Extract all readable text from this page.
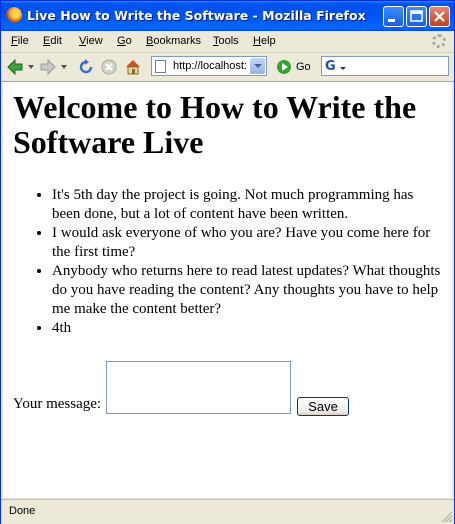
Live How to Write the Software - Mozilla Firefox
File Edit View Go Bookmarks Tools Help
http://localhost:	Go G
Welcome to How to Write the Software Live
• It's 5th day the project is going. Not much programming has been done, but a lot of content have been written.
• I would ask everyone of who you are? Have you come here for the first time?
• Anybody who returns here to read latest updates? What thoughts do you have reading the content? Any thoughts you have to help me make the content better?
• 4th
Your message:	Save
Done
